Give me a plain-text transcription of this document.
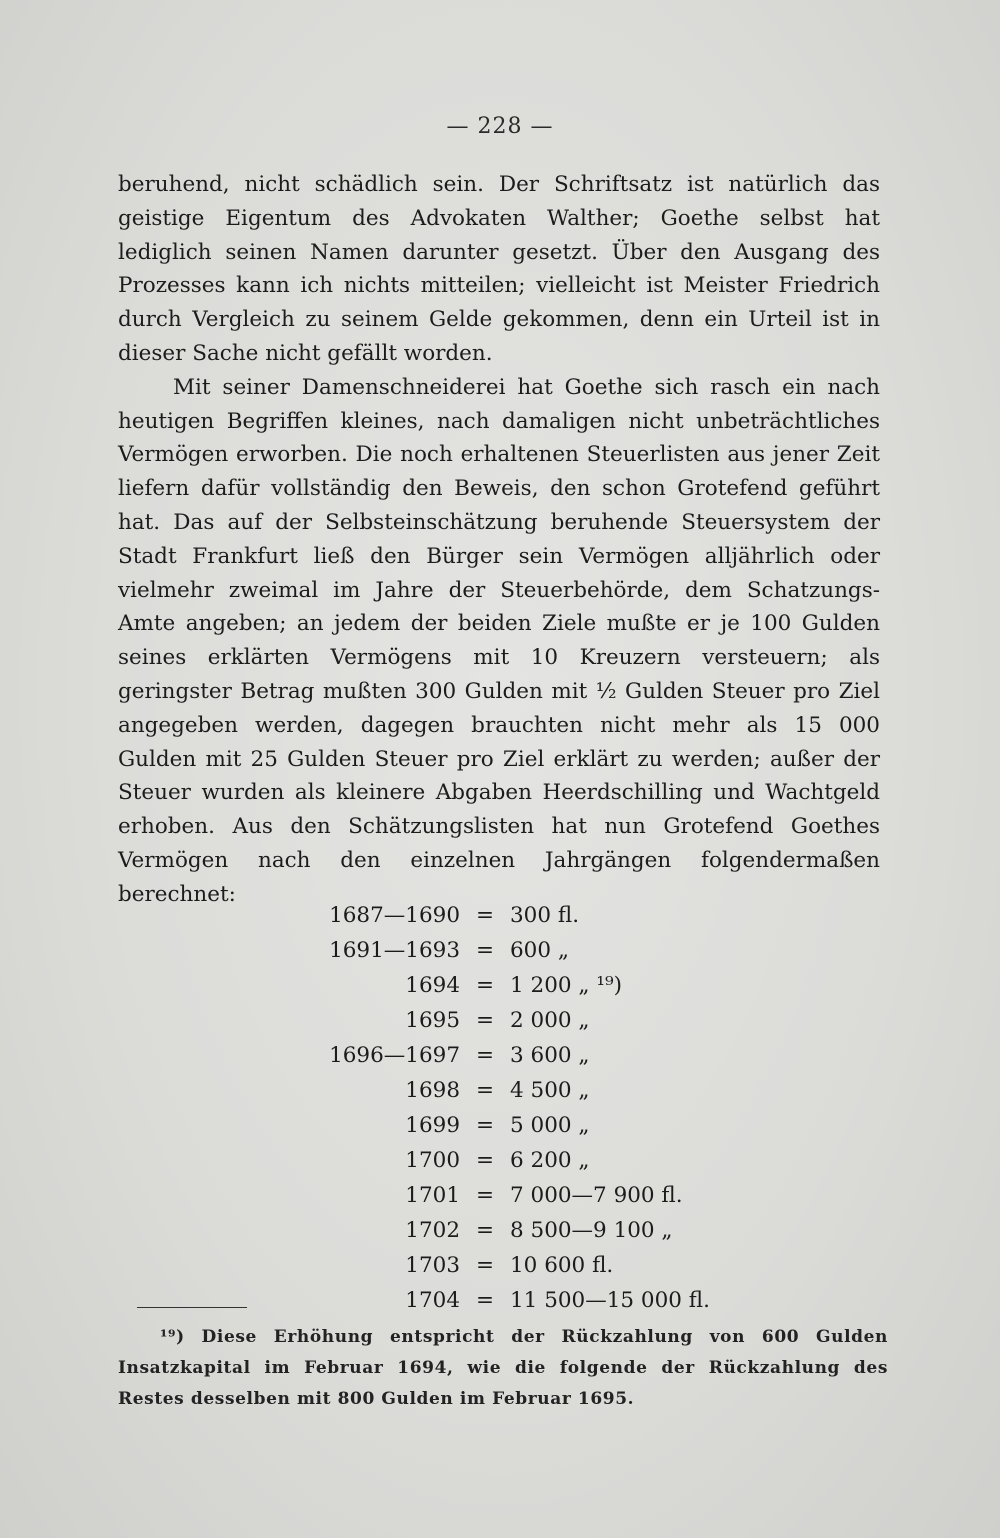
— 228 —

beruhend, nicht schädlich sein. Der Schriftsatz ist natürlich das geistige Eigentum des Advokaten Walther; Goethe selbst hat lediglich seinen Namen darunter gesetzt. Über den Ausgang des Prozesses kann ich nichts mitteilen; vielleicht ist Meister Friedrich durch Vergleich zu seinem Gelde gekommen, denn ein Urteil ist in dieser Sache nicht gefällt worden.

Mit seiner Damenschneiderei hat Goethe sich rasch ein nach heutigen Begriffen kleines, nach damaligen nicht unbeträchtliches Vermögen erworben. Die noch erhaltenen Steuerlisten aus jener Zeit liefern dafür vollständig den Beweis, den schon Grotefend geführt hat. Das auf der Selbsteinschätzung beruhende Steuersystem der Stadt Frankfurt ließ den Bürger sein Vermögen alljährlich oder vielmehr zweimal im Jahre der Steuerbehörde, dem Schatzungs-Amte angeben; an jedem der beiden Ziele mußte er je 100 Gulden seines erklärten Vermögens mit 10 Kreuzern versteuern; als geringster Betrag mußten 300 Gulden mit ½ Gulden Steuer pro Ziel angegeben werden, dagegen brauchten nicht mehr als 15 000 Gulden mit 25 Gulden Steuer pro Ziel erklärt zu werden; außer der Steuer wurden als kleinere Abgaben Heerdschilling und Wachtgeld erhoben. Aus den Schätzungslisten hat nun Grotefend Goethes Vermögen nach den einzelnen Jahrgängen folgendermaßen berechnet:

1687—1690 = 300 fl.
1691—1693 = 600 „
1694 = 1 200 „ ¹⁹)
1695 = 2 000 „
1696—1697 = 3 600 „
1698 = 4 500 „
1699 = 5 000 „
1700 = 6 200 „
1701 = 7 000—7 900 fl.
1702 = 8 500—9 100 „
1703 = 10 600 fl.
1704 = 11 500—15 000 fl.

¹⁹) Diese Erhöhung entspricht der Rückzahlung von 600 Gulden Insatzkapital im Februar 1694, wie die folgende der Rückzahlung des Restes desselben mit 800 Gulden im Februar 1695.
